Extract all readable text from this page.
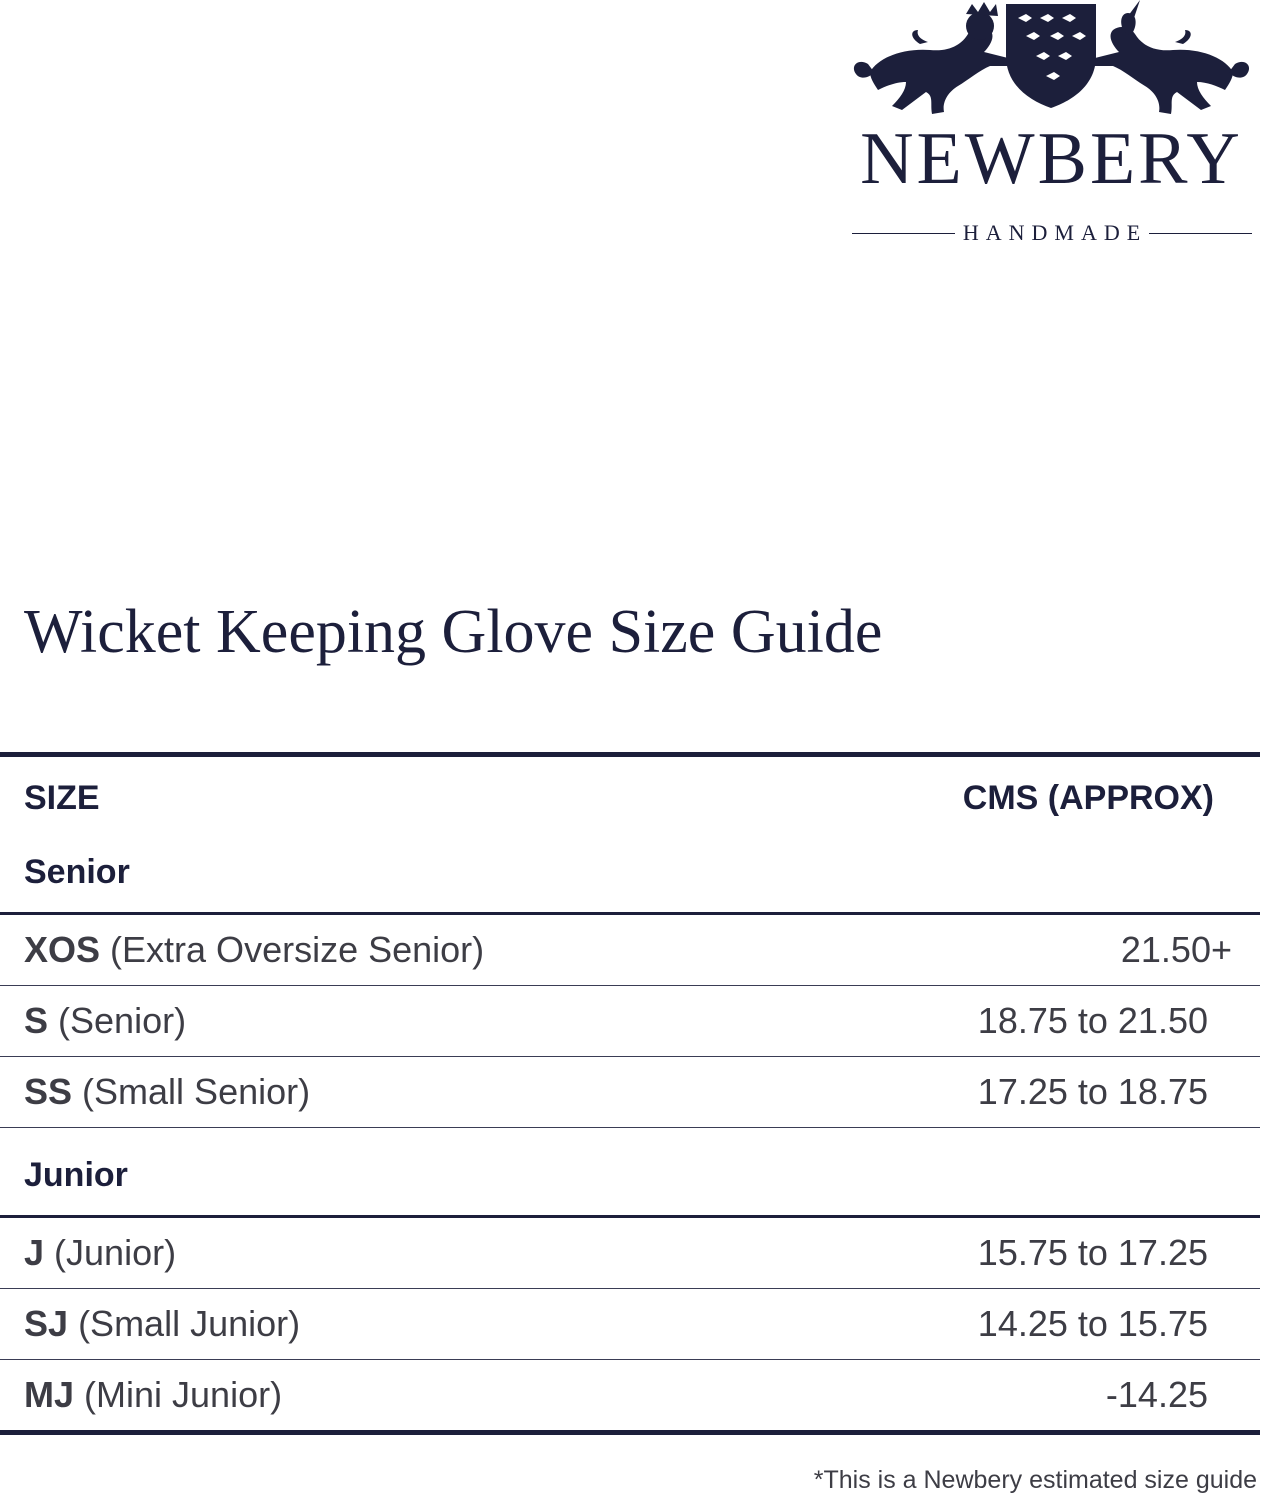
NEWBERY
HANDMADE
Wicket Keeping Glove Size Guide
SIZE	CMS (APPROX)
Senior
XOS (Extra Oversize Senior)	21.50+
S (Senior)	18.75 to 21.50
SS (Small Senior)	17.25 to 18.75
Junior
J (Junior)	15.75 to 17.25
SJ (Small Junior)	14.25 to 15.75
MJ (Mini Junior)	-14.25
*This is a Newbery estimated size guide
